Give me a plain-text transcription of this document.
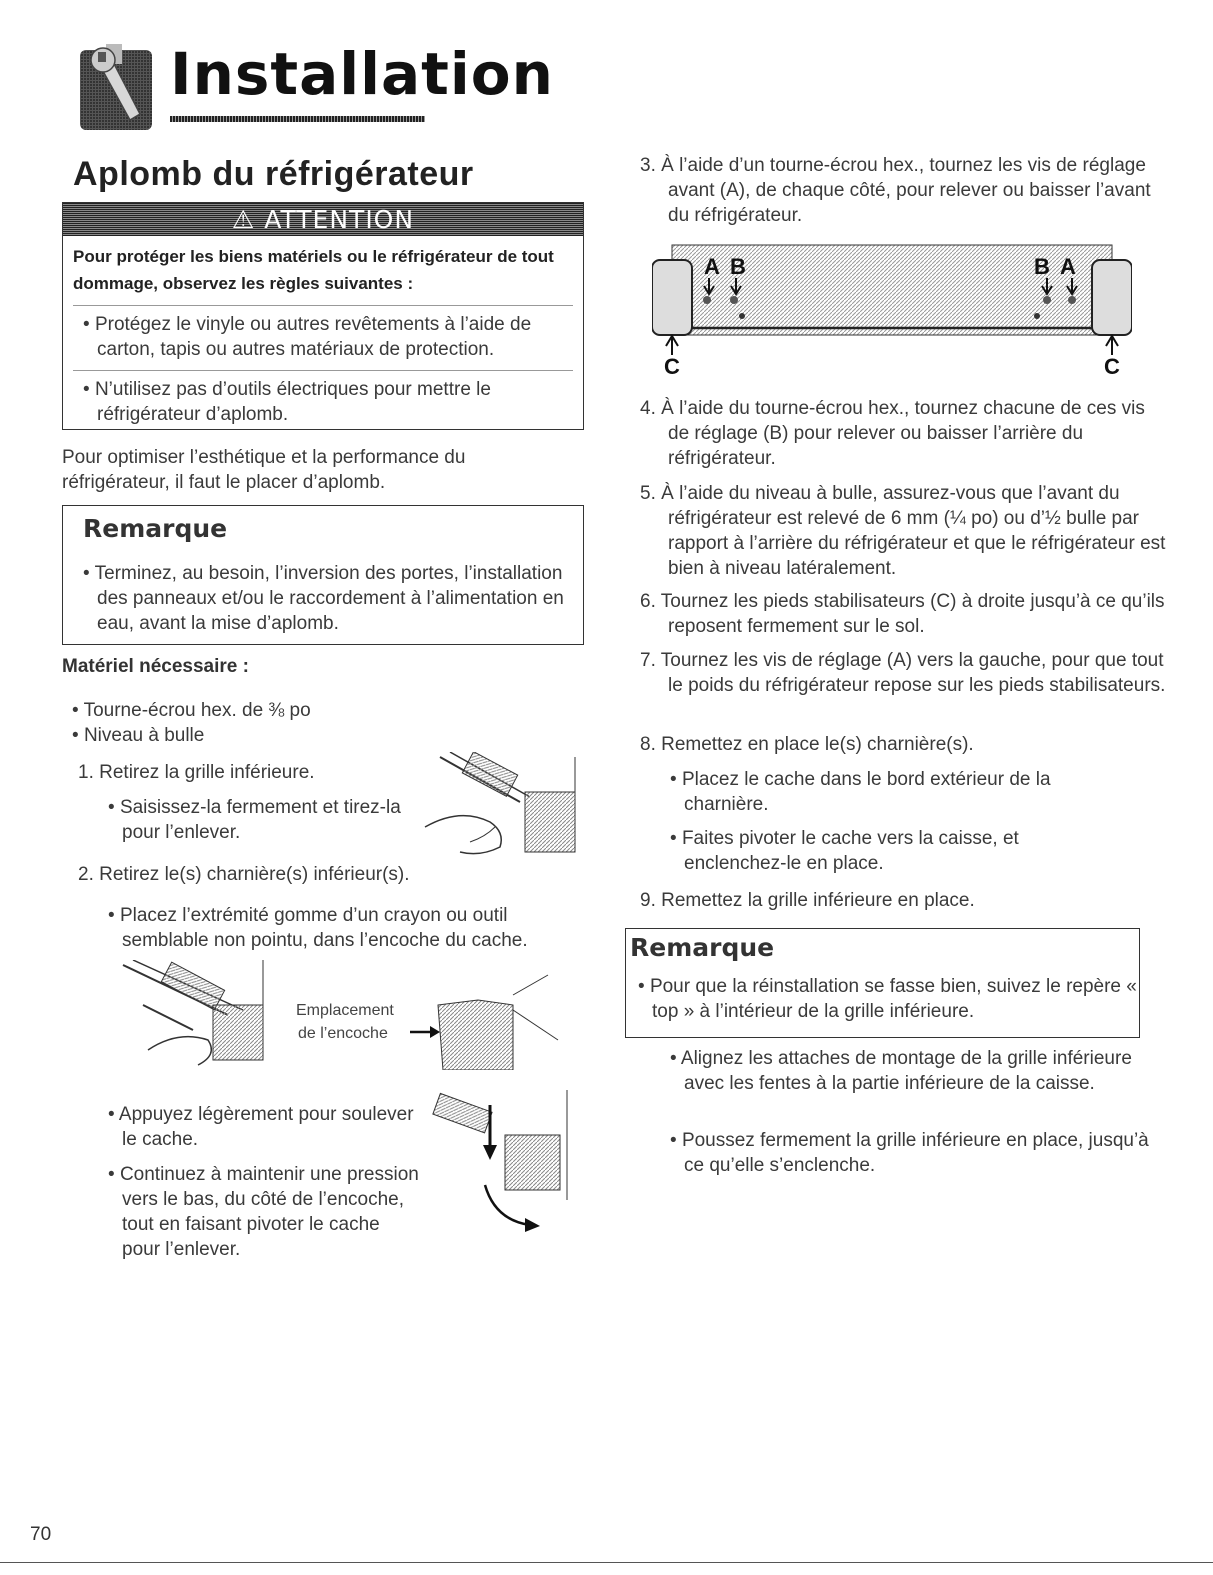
Installation
Aplomb du réfrigérateur
⚠ ATTENTION
Pour protéger les biens matériels ou le réfrigérateur de tout dommage, observez les règles suivantes :
• Protégez le vinyle ou autres revêtements à l’aide de carton, tapis ou autres matériaux de protection.
• N’utilisez pas d’outils électriques pour mettre le réfrigérateur d’aplomb.
Pour optimiser l’esthétique et la performance du réfrigérateur, il faut le placer d’aplomb.
Remarque
• Terminez, au besoin, l’inversion des portes, l’installation des panneaux et/ou le raccordement à l’alimentation en eau, avant la mise d’aplomb.
Matériel nécessaire :
• Tourne-écrou hex. de ⅜ po
• Niveau à bulle
1. Retirez la grille inférieure.
• Saisissez-la fermement et tirez-la pour l’enlever.
2. Retirez le(s) charnière(s) inférieur(s).
• Placez l’extrémité gomme d’un crayon ou outil semblable non pointu, dans l’encoche du cache.
Emplacement
de l’encoche
• Appuyez légèrement pour soulever le cache.
• Continuez à maintenir une pression vers le bas, du côté de l’encoche, tout en faisant pivoter le cache pour l’enlever.
3. À l’aide d’un tourne-écrou hex., tournez les vis de réglage avant (A), de chaque côté, pour relever ou baisser l’avant du réfrigérateur.
A B	B A
C	C
4. À l’aide du tourne-écrou hex., tournez chacune de ces vis de réglage (B) pour relever ou baisser l’arrière du réfrigérateur.
5. À l’aide du niveau à bulle, assurez-vous que l’avant du réfrigérateur est relevé de 6 mm (¼ po) ou d’½ bulle par rapport à l’arrière du réfrigérateur et que le réfrigérateur est bien à niveau latéralement.
6. Tournez les pieds stabilisateurs (C) à droite jusqu’à ce qu’ils reposent fermement sur le sol.
7. Tournez les vis de réglage (A) vers la gauche, pour que tout le poids du réfrigérateur repose sur les pieds stabilisateurs.
8. Remettez en place le(s) charnière(s).
• Placez le cache dans le bord extérieur de la charnière.
• Faites pivoter le cache vers la caisse, et enclenchez-le en place.
9. Remettez la grille inférieure en place.
Remarque
• Pour que la réinstallation se fasse bien, suivez le repère « top » à l’intérieur de la grille inférieure.
• Alignez les attaches de montage de la grille inférieure avec les fentes à la partie inférieure de la caisse.
• Poussez fermement la grille inférieure en place, jusqu’à ce qu’elle s’enclenche.
70
